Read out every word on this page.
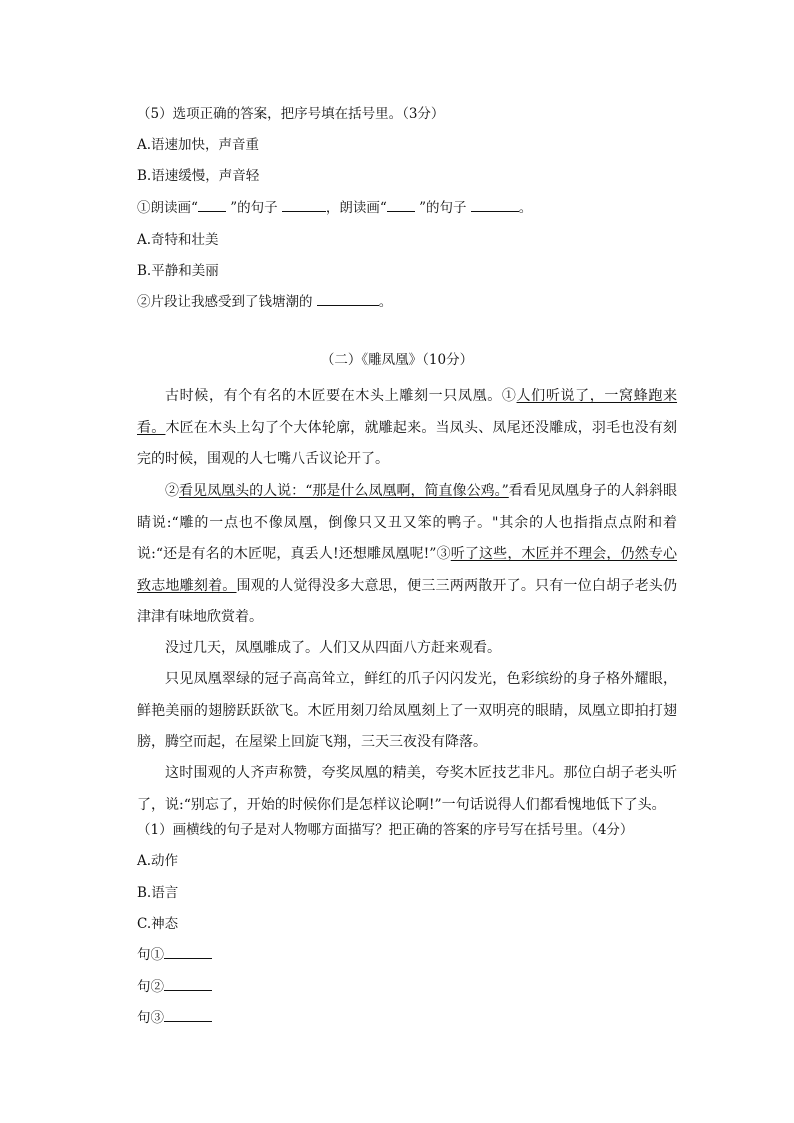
（5）选项正确的答案，把序号填在括号里。（3分）
A.语速加快，声音重
B.语速缓慢，声音轻
①朗读画“ ”的句子	，朗读画“ ”的句子	。
A.奇特和壮美
B.平静和美丽
②片段让我感受到了钱塘潮的	。
（二）《雕凤凰》（10分）
古时候，有个有名的木匠要在木头上雕刻一只凤凰。①人们听说了，一窝蜂跑来看。木匠在木头上勾了个大体轮廓，就雕起来。当凤头、凤尾还没雕成，羽毛也没有刻完的时候，围观的人七嘴八舌议论开了。
②看见凤凰头的人说：“那是什么凤凰啊，简直像公鸡。”看看见凤凰身子的人斜斜眼睛说:“雕的一点也不像凤凰，倒像只又丑又笨的鸭子。"其余的人也指指点点附和着说:“还是有名的木匠呢，真丢人!还想雕凤凰呢!”③听了这些，木匠并不理会，仍然专心致志地雕刻着。围观的人觉得没多大意思，便三三两两散开了。只有一位白胡子老头仍津津有味地欣赏着。
没过几天，凤凰雕成了。人们又从四面八方赶来观看。
只见凤凰翠绿的冠子高高耸立，鲜红的爪子闪闪发光，色彩缤纷的身子格外耀眼，鲜艳美丽的翅膀跃跃欲飞。木匠用刻刀给凤凰刻上了一双明亮的眼睛，凤凰立即拍打翅膀，腾空而起，在屋梁上回旋飞翔，三天三夜没有降落。
这时围观的人齐声称赞，夸奖凤凰的精美，夸奖木匠技艺非凡。那位白胡子老头听了，说:“别忘了，开始的时候你们是怎样议论啊!”一句话说得人们都看愧地低下了头。
（1）画横线的句子是对人物哪方面描写？把正确的答案的序号写在括号里。（4分）
A.动作
B.语言
C.神态
句①
句②
句③
